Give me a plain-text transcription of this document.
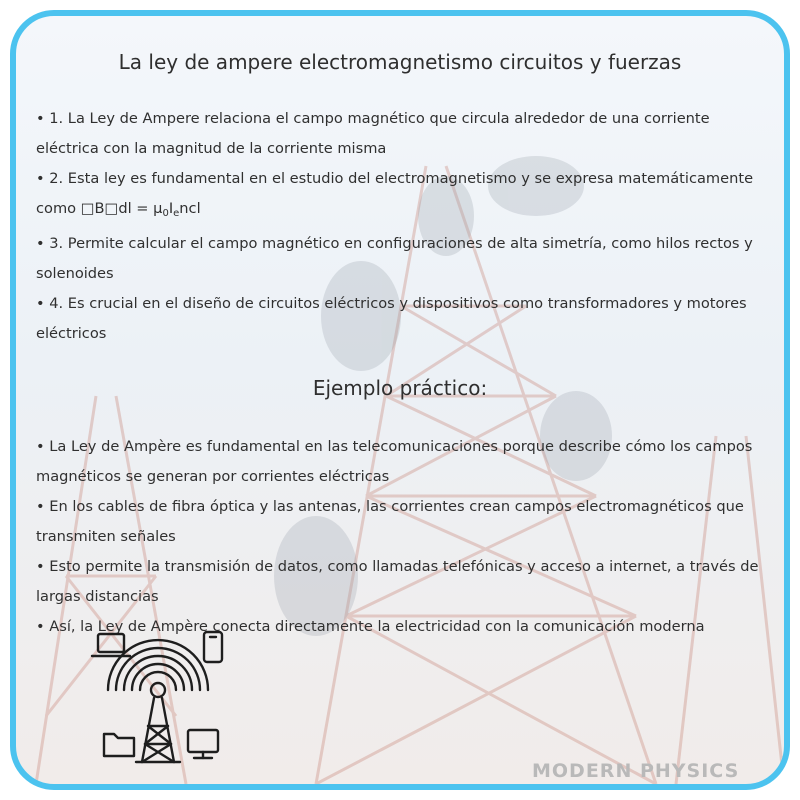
La ley de ampere electromagnetismo circuitos y fuerzas
• 1. La Ley de Ampere relaciona el campo magnético que circula alrededor de una corriente eléctrica con la magnitud de la corriente misma
• 2. Esta ley es fundamental en el estudio del electromagnetismo y se expresa matemáticamente como □B□dl = $\mu_0I_encl$
• 3. Permite calcular el campo magnético en configuraciones de alta simetría, como hilos rectos y solenoides
• 4. Es crucial en el diseño de circuitos eléctricos y dispositivos como transformadores y motores eléctricos
Ejemplo práctico:
• La Ley de Ampère es fundamental en las telecomunicaciones porque describe cómo los campos magnéticos se generan por corrientes eléctricas
• En los cables de fibra óptica y las antenas, las corrientes crean campos electromagnéticos que transmiten señales
• Esto permite la transmisión de datos, como llamadas telefónicas y acceso a internet, a través de largas distancias
• Así, la Ley de Ampère conecta directamente la electricidad con la comunicación moderna
MODERN PHYSICS
